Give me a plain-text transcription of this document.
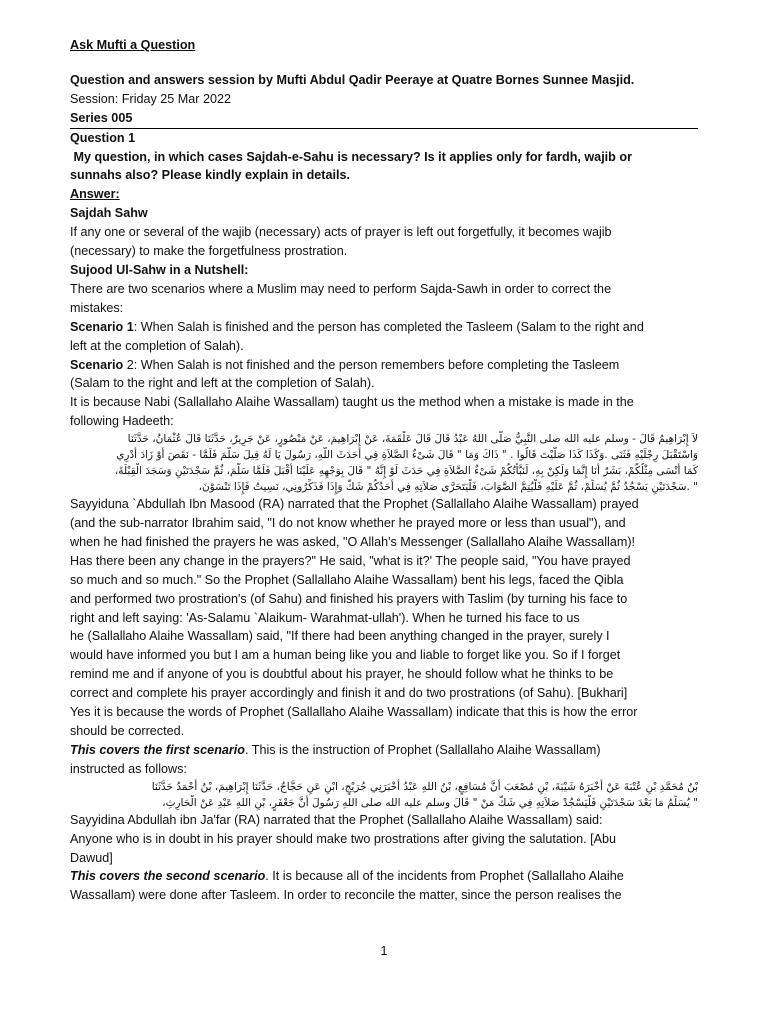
Ask Mufti a Question
Question and answers session by Mufti Abdul Qadir Peeraye at Quatre Bornes Sunnee Masjid.
Session: Friday 25 Mar 2022
Series 005
Question 1
My question, in which cases Sajdah-e-Sahu is necessary? Is it applies only for fardh, wajib or
sunnahs also? Please kindly explain in details.
Answer:
Sajdah Sahw
If any one or several of the wajib (necessary) acts of prayer is left out forgetfully, it becomes wajib
(necessary) to make the forgetfulness prostration.
Sujood Ul-Sahw in a Nutshell:
There are two scenarios where a Muslim may need to perform Sajda-Sawh in order to correct the
mistakes:
Scenario 1: When Salah is finished and the person has completed the Tasleem (Salam to the right and
left at the completion of Salah).
Scenario 2: When Salah is not finished and the person remembers before completing the Tasleem
(Salam to the right and left at the completion of Salah).
It is because Nabi (Sallallaho Alaihe Wassallam) taught us the method when a mistake is made in the
following Hadeeth:
لاَ إِبْرَاهِيمُ قَالَ - وسلم عليه الله صلى النَّبِيُّ صَلَّى اللهُ عَبْدُ قَالَ قَالَ عَلْقَمَةَ، عَنْ إِبْرَاهِيمَ، عَنْ مَنْصُورٍ، عَنْ جَرِيرٌ، حَدَّثَنَا قَالَ عُثْمَانُ، حَدَّثَنَا
وَاسْتَقْبَلَ رِجْلَيْهِ فَثَنَى .وَكَذَا كَذَا صَلَّيْتَ قَالُوا . " ذَاكَ وَمَا " قَالَ شَىْءٌ الصَّلاَةِ فِي أَحَدَثَ اللَّهِ، رَسُولَ يَا لَهُ قِيلَ سَلَّمَ فَلَمَّا - نَقَصَ أَوْ زَادَ أَدْرِي
كَمَا أَنْسَى مِثْلُكُمْ، بَشَرٌ أَنَا إِنَّمَا وَلَكِنْ بِهِ، لَنَبَّأْتُكُمْ شَىْءٌ الصَّلاَةِ فِي حَدَثَ لَوْ إِنَّهُ " قَالَ بِوَجْهِهِ عَلَيْنَا أَقْبَلَ فَلَمَّا سَلَّمَ، ثُمَّ سَجْدَتَيْنِ وَسَجَدَ الْقِبْلَةَ،
" .سَجْدَتَيْنِ يَسْجُدُ ثُمَّ يُسَلِّمْ، ثُمَّ عَلَيْهِ فَلْيُتِمَّ الصَّوَابَ، فَلْيَتَحَرَّى صَلاَتِهِ فِي أَحَدُكُمْ شَكَّ وَإِذَا فَذَكِّرُونِي، نَسِيتُ فَإِذَا تَنْسَوْنَ،
Sayyiduna `Abdullah Ibn Masood (RA) narrated that the Prophet (Sallallaho Alaihe Wassallam) prayed
(and the sub-narrator Ibrahim said, "I do not know whether he prayed more or less than usual"), and
when he had finished the prayers he was asked, "O Allah's Messenger (Sallallaho Alaihe Wassallam)!
Has there been any change in the prayers?" He said, "what is it?' The people said, "You have prayed
so much and so much." So the Prophet (Sallallaho Alaihe Wassallam) bent his legs, faced the Qibla
and performed two prostration's (of Sahu) and finished his prayers with Taslim (by turning his face to
right and left saying: 'As-Salamu `Alaikum- Warahmat-ullah'). When he turned his face to us
he (Sallallaho Alaihe Wassallam) said, "If there had been anything changed in the prayer, surely I
would have informed you but I am a human being like you and liable to forget like you. So if I forget
remind me and if anyone of you is doubtful about his prayer, he should follow what he thinks to be
correct and complete his prayer accordingly and finish it and do two prostrations (of Sahu). [Bukhari]
Yes it is because the words of Prophet (Sallallaho Alaihe Wassallam) indicate that this is how the error
should be corrected.
This covers the first scenario. This is the instruction of Prophet (Sallallaho Alaihe Wassallam)
instructed as follows:
بْنُ مُحَمَّدِ بْنِ عُتْبَةَ عَنْ أَخْبَرَهُ شَيْبَةَ، بْنِ مُصْعَبَ أَنَّ مُسَافِعٍ، بْنُ اللهِ عَبْدُ أَخْبَرَنِي جُرَيْجٍ، ابْنِ عَنِ حَجَّاجٌ، حَدَّثَنَا إِبْرَاهِيمَ، بْنُ أَحْمَدُ حَدَّثَنَا
" يُسَلِّمُ مَا بَعْدَ سَجْدَتَيْنِ فَلْيَسْجُدْ صَلاَتِهِ فِي شَكَّ مَنْ " قَالَ وسلم عليه الله صلى اللهِ رَسُولَ أَنَّ جَعْفَرٍ، بْنِ اللهِ عَبْدِ عَنْ الْحَارِثِ،
Sayyidina Abdullah ibn Ja'far (RA) narrated that the Prophet (Sallallaho Alaihe Wassallam) said:
Anyone who is in doubt in his prayer should make two prostrations after giving the salutation. [Abu
Dawud]
This covers the second scenario. It is because all of the incidents from Prophet (Sallallaho Alaihe
Wassallam) were done after Tasleem. In order to reconcile the matter, since the person realises the
1
